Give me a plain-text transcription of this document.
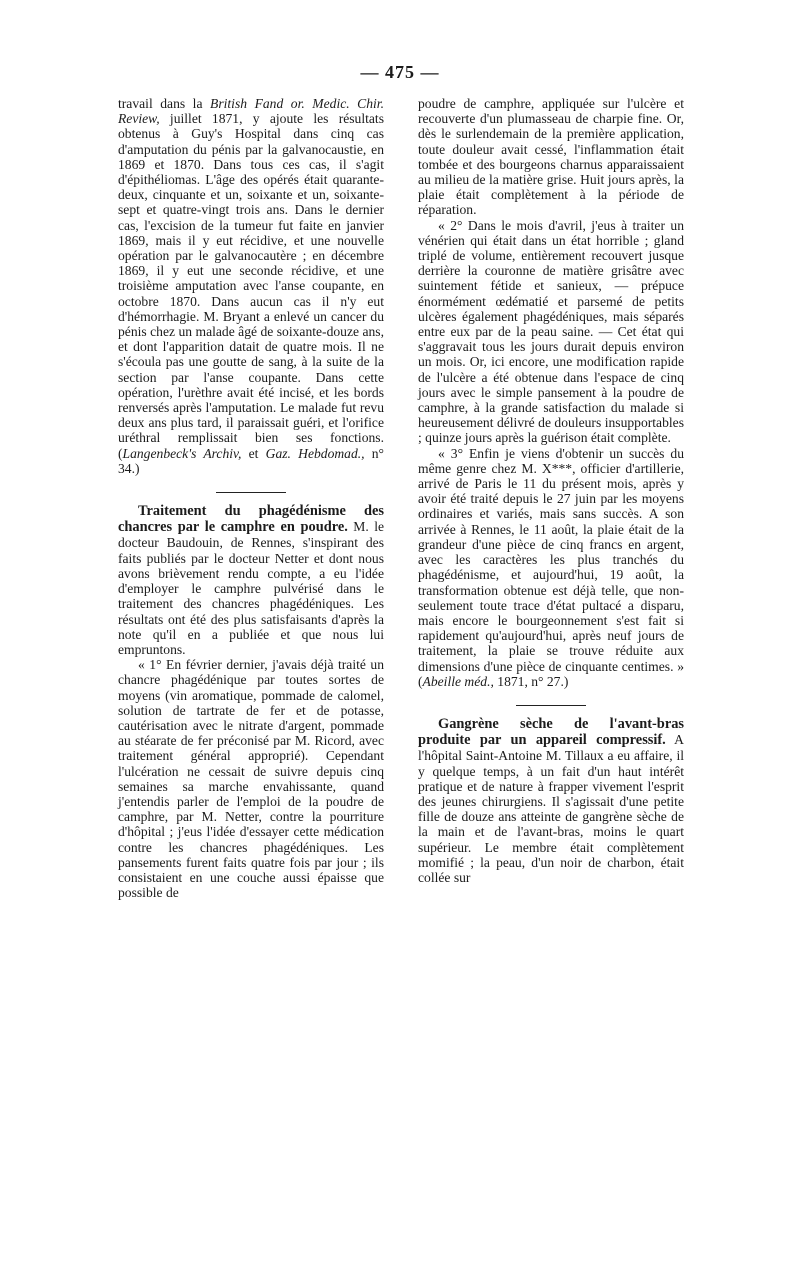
— 475 —

travail dans la British Fand or. Medic. Chir. Review, juillet 1871, y ajoute les résultats obtenus à Guy's Hospital dans cinq cas d'amputation du pénis par la galvanocaustie, en 1869 et 1870. Dans tous ces cas, il s'agit d'épithéliomas. L'âge des opérés était quarante-deux, cinquante et un, soixante et un, soixante-sept et quatre-vingt trois ans. Dans le dernier cas, l'excision de la tumeur fut faite en janvier 1869, mais il y eut récidive, et une nouvelle opération par le galvanocautère ; en décembre 1869, il y eut une seconde récidive, et une troisième amputation avec l'anse coupante, en octobre 1870. Dans aucun cas il n'y eut d'hémorrhagie. M. Bryant a enlevé un cancer du pénis chez un malade âgé de soixante-douze ans, et dont l'apparition datait de quatre mois. Il ne s'écoula pas une goutte de sang, à la suite de la section par l'anse coupante. Dans cette opération, l'urèthre avait été incisé, et les bords renversés après l'amputation. Le malade fut revu deux ans plus tard, il paraissait guéri, et l'orifice uréthral remplissait bien ses fonctions. (Langenbeck's Archiv, et Gaz. Hebdomad., n° 34.)

Traitement du phagédénisme des chancres par le camphre en poudre. M. le docteur Baudouin, de Rennes, s'inspirant des faits publiés par le docteur Netter et dont nous avons brièvement rendu compte, a eu l'idée d'employer le camphre pulvérisé dans le traitement des chancres phagédéniques. Les résultats ont été des plus satisfaisants d'après la note qu'il en a publiée et que nous lui empruntons.

« 1° En février dernier, j'avais déjà traité un chancre phagédénique par toutes sortes de moyens (vin aromatique, pommade de calomel, solution de tartrate de fer et de potasse, cautérisation avec le nitrate d'argent, pommade au stéarate de fer préconisé par M. Ricord, avec traitement général approprié). Cependant l'ulcération ne cessait de suivre depuis cinq semaines sa marche envahissante, quand j'entendis parler de l'emploi de la poudre de camphre, par M. Netter, contre la pourriture d'hôpital ; j'eus l'idée d'essayer cette médication contre les chancres phagédéniques. Les pansements furent faits quatre fois par jour ; ils consistaient en une couche aussi épaisse que possible de

poudre de camphre, appliquée sur l'ulcère et recouverte d'un plumasseau de charpie fine. Or, dès le surlendemain de la première application, toute douleur avait cessé, l'inflammation était tombée et des bourgeons charnus apparaissaient au milieu de la matière grise. Huit jours après, la plaie était complètement à la période de réparation.

« 2° Dans le mois d'avril, j'eus à traiter un vénérien qui était dans un état horrible ; gland triplé de volume, entièrement recouvert jusque derrière la couronne de matière grisâtre avec suintement fétide et sanieux, — prépuce énormément œdématié et parsemé de petits ulcères également phagédéniques, mais séparés entre eux par de la peau saine. — Cet état qui s'aggravait tous les jours durait depuis environ un mois. Or, ici encore, une modification rapide de l'ulcère a été obtenue dans l'espace de cinq jours avec le simple pansement à la poudre de camphre, à la grande satisfaction du malade si heureusement délivré de douleurs insupportables ; quinze jours après la guérison était complète.

« 3° Enfin je viens d'obtenir un succès du même genre chez M. X***, officier d'artillerie, arrivé de Paris le 11 du présent mois, après y avoir été traité depuis le 27 juin par les moyens ordinaires et variés, mais sans succès. A son arrivée à Rennes, le 11 août, la plaie était de la grandeur d'une pièce de cinq francs en argent, avec les caractères les plus tranchés du phagédénisme, et aujourd'hui, 19 août, la transformation obtenue est déjà telle, que non-seulement toute trace d'état pultacé a disparu, mais encore le bourgeonnement s'est fait si rapidement qu'aujourd'hui, après neuf jours de traitement, la plaie se trouve réduite aux dimensions d'une pièce de cinquante centimes. » (Abeille méd., 1871, n° 27.)

Gangrène sèche de l'avant-bras produite par un appareil compressif. A l'hôpital Saint-Antoine M. Tillaux a eu affaire, il y quelque temps, à un fait d'un haut intérêt pratique et de nature à frapper vivement l'esprit des jeunes chirurgiens. Il s'agissait d'une petite fille de douze ans atteinte de gangrène sèche de la main et de l'avant-bras, moins le quart supérieur. Le membre était complètement momifié ; la peau, d'un noir de charbon, était collée sur
